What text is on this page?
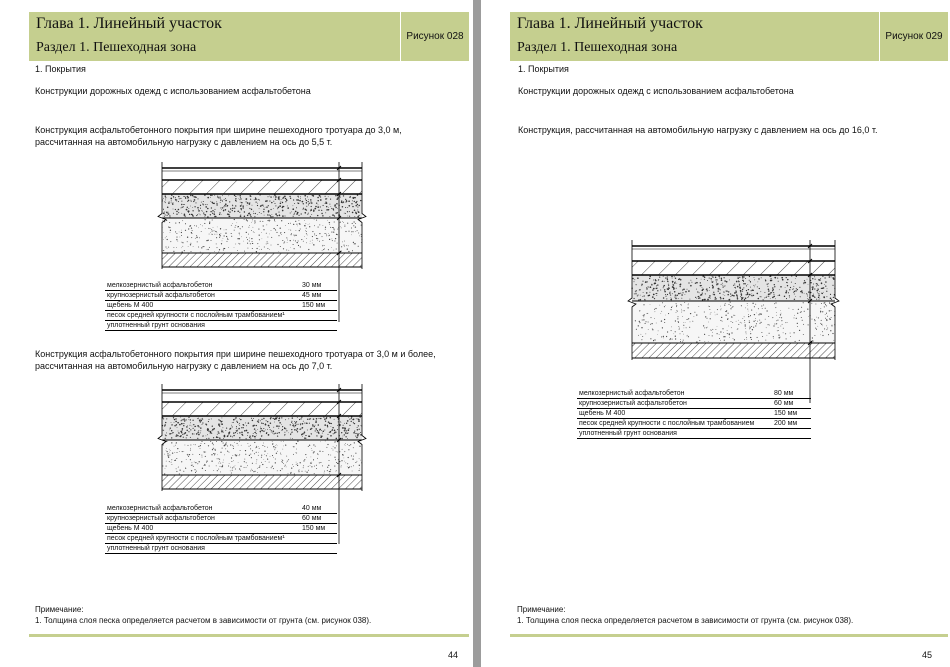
Глава 1. Линейный участок
Раздел 1. Пешеходная зона
Рисунок 028
1. Покрытия
Конструкции дорожных одежд с использованием асфальтобетона
Конструкция асфальтобетонного покрытия при ширине пешеходного тротуара до 3,0 м,
рассчитанная на автомобильную нагрузку с давлением на ось до 5,5 т.
мелкозернистый асфальтобетон	30 мм
крупнозернистый асфальтобетон	45 мм
щебень М 400	150 мм
песок средней крупности с послойным трамбованием¹
уплотненный грунт основания
Конструкция асфальтобетонного покрытия при ширине пешеходного тротуара от 3,0 м и более,
рассчитанная на автомобильную нагрузку с давлением на ось до 7,0 т.
мелкозернистый асфальтобетон	40 мм
крупнозернистый асфальтобетон	60 мм
щебень М 400	150 мм
песок средней крупности с послойным трамбованием¹
уплотненный грунт основания
Примечание:
1. Толщина слоя песка определяется расчетом в зависимости от грунта (см. рисунок 038).
44
Глава 1. Линейный участок
Раздел 1. Пешеходная зона
Рисунок 029
1. Покрытия
Конструкции дорожных одежд с использованием асфальтобетона
Конструкция, рассчитанная на автомобильную нагрузку с давлением на ось до 16,0 т.
мелкозернистый асфальтобетон	80 мм
крупнозернистый асфальтобетон	60 мм
щебень М 400	150 мм
песок средней крупности с послойным трамбованием	200 мм
уплотненный грунт основания
Примечание:
1. Толщина слоя песка определяется расчетом в зависимости от грунта (см. рисунок 038).
45
